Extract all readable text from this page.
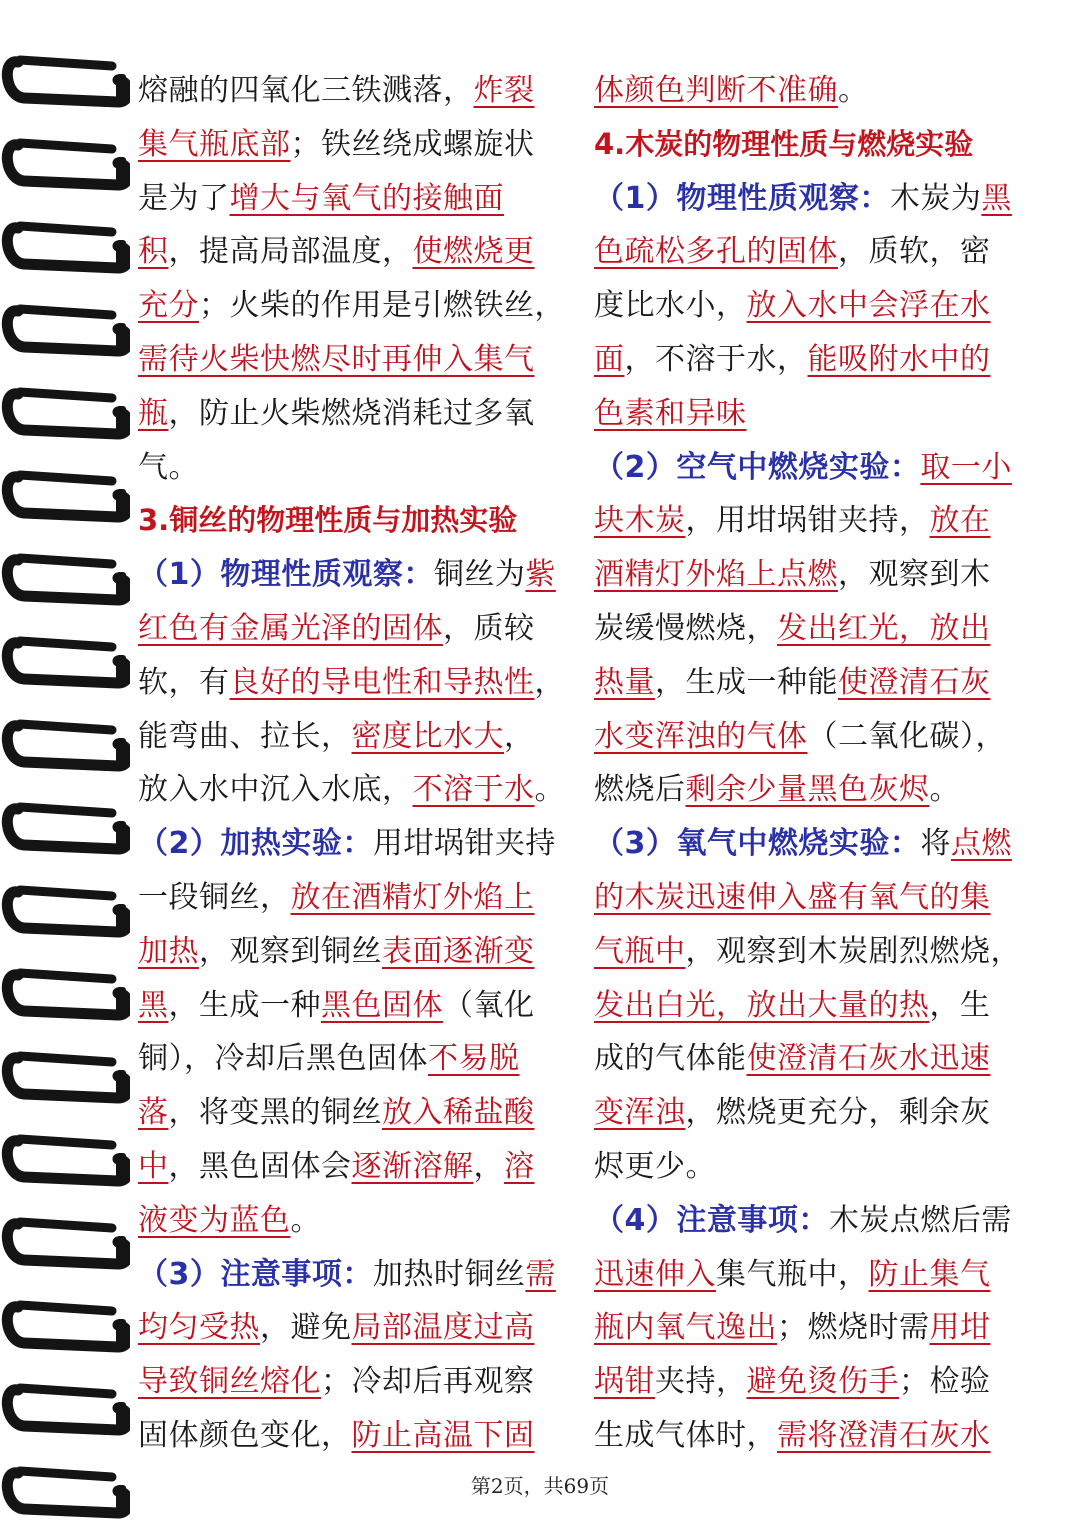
熔融的四氧化三铁溅落，炸裂
集气瓶底部；铁丝绕成螺旋状
是为了增大与氧气的接触面
积，提高局部温度，使燃烧更
充分；火柴的作用是引燃铁丝，
需待火柴快燃尽时再伸入集气
瓶，防止火柴燃烧消耗过多氧
气。
3.铜丝的物理性质与加热实验
（1）物理性质观察：铜丝为紫
红色有金属光泽的固体，质较
软，有良好的导电性和导热性，
能弯曲、拉长，密度比水大，
放入水中沉入水底，不溶于水。
（2）加热实验：用坩埚钳夹持
一段铜丝，放在酒精灯外焰上
加热，观察到铜丝表面逐渐变
黑，生成一种黑色固体（氧化
铜），冷却后黑色固体不易脱
落，将变黑的铜丝放入稀盐酸
中，黑色固体会逐渐溶解，溶
液变为蓝色。
（3）注意事项：加热时铜丝需
均匀受热，避免局部温度过高
导致铜丝熔化；冷却后再观察
固体颜色变化，防止高温下固
体颜色判断不准确。
4.木炭的物理性质与燃烧实验
（1）物理性质观察：木炭为黑
色疏松多孔的固体，质软，密
度比水小，放入水中会浮在水
面，不溶于水，能吸附水中的
色素和异味
（2）空气中燃烧实验：取一小
块木炭，用坩埚钳夹持，放在
酒精灯外焰上点燃，观察到木
炭缓慢燃烧，发出红光，放出
热量，生成一种能使澄清石灰
水变浑浊的气体（二氧化碳），
燃烧后剩余少量黑色灰烬。
（3）氧气中燃烧实验：将点燃
的木炭迅速伸入盛有氧气的集
气瓶中，观察到木炭剧烈燃烧，
发出白光，放出大量的热，生
成的气体能使澄清石灰水迅速
变浑浊，燃烧更充分，剩余灰
烬更少。
（4）注意事项：木炭点燃后需
迅速伸入集气瓶中，防止集气
瓶内氧气逸出；燃烧时需用坩
埚钳夹持，避免烫伤手；检验
生成气体时，需将澄清石灰水
第2页，共69页
